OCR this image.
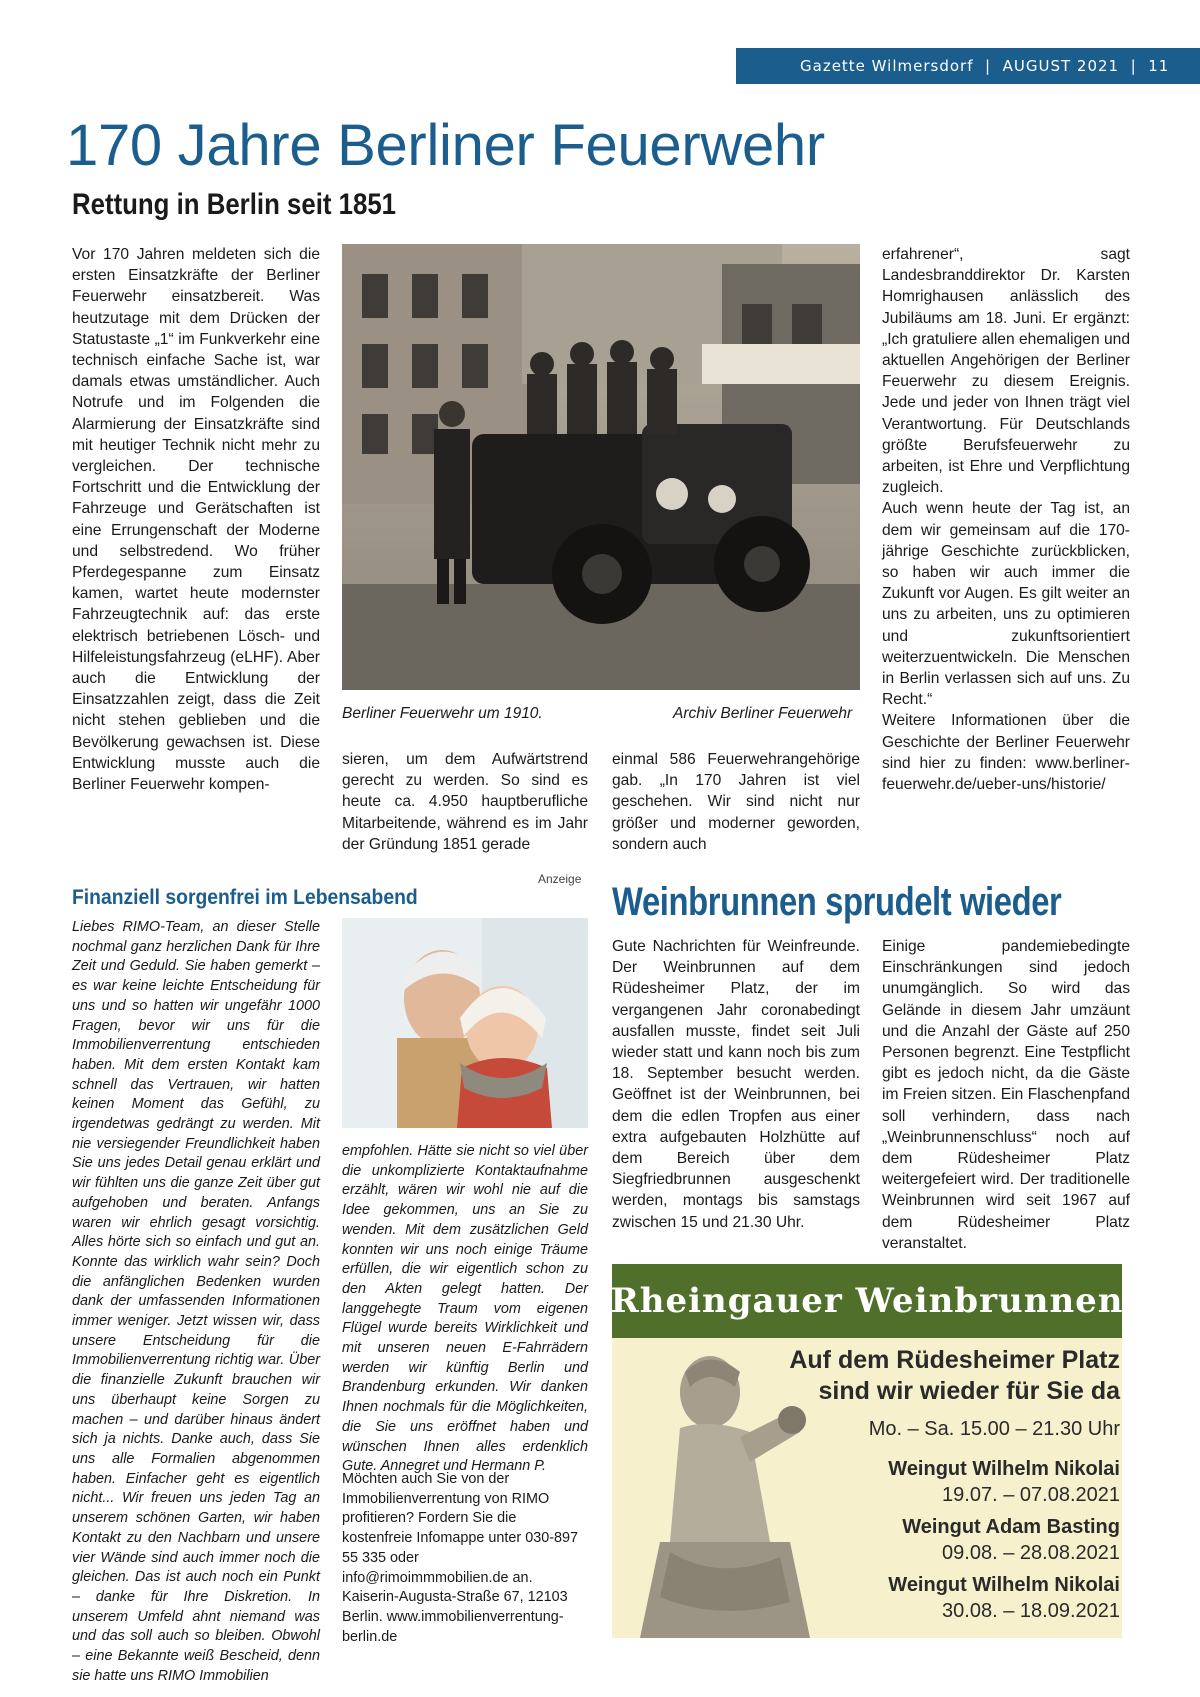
Gazette Wilmersdorf  |  AUGUST 2021  |  11
170 Jahre Berliner Feuerwehr
Rettung in Berlin seit 1851

Vor 170 Jahren meldeten sich die ersten Einsatzkräfte der Berliner Feuerwehr einsatzbereit. Was heutzutage mit dem Drücken der Statustaste „1“ im Funkverkehr eine technisch einfache Sache ist, war damals etwas umständlicher. Auch Notrufe und im Folgenden die Alarmierung der Einsatzkräfte sind mit heutiger Technik nicht mehr zu vergleichen. Der technische Fortschritt und die Entwicklung der Fahrzeuge und Gerätschaften ist eine Errungenschaft der Moderne und selbstredend. Wo früher Pferdegespanne zum Einsatz kamen, wartet heute modernster Fahrzeugtechnik auf: das erste elektrisch betriebenen Lösch- und Hilfeleistungsfahrzeug (eLHF). Aber auch die Entwicklung der Einsatzzahlen zeigt, dass die Zeit nicht stehen geblieben und die Bevölkerung gewachsen ist. Diese Entwicklung musste auch die Berliner Feuerwehr kompen-

Berliner Feuerwehr um 1910.	Archiv Berliner Feuerwehr

sieren, um dem Aufwärtstrend gerecht zu werden. So sind es heute ca. 4.950 hauptberufliche Mitarbeitende, während es im Jahr der Gründung 1851 gerade

einmal 586 Feuerwehrangehörige gab. „In 170 Jahren ist viel geschehen. Wir sind nicht nur größer und moderner geworden, sondern auch

erfahrener“, sagt Landesbranddirektor Dr. Karsten Homrighausen anlässlich des Jubiläums am 18. Juni. Er ergänzt: „Ich gratuliere allen ehemaligen und aktuellen Angehörigen der Berliner Feuerwehr zu diesem Ereignis. Jede und jeder von Ihnen trägt viel Verantwortung. Für Deutschlands größte Berufsfeuerwehr zu arbeiten, ist Ehre und Verpflichtung zugleich.

Auch wenn heute der Tag ist, an dem wir gemeinsam auf die 170-jährige Geschichte zurückblicken, so haben wir auch immer die Zukunft vor Augen. Es gilt weiter an uns zu arbeiten, uns zu optimieren und zukunftsorientiert weiterzuentwickeln. Die Menschen in Berlin verlassen sich auf uns. Zu Recht.“

Weitere Informationen über die Geschichte der Berliner Feuerwehr sind hier zu finden: www.berliner-feuerwehr.de/ueber-uns/historie/

Anzeige
Finanziell sorgenfrei im Lebensabend

Liebes RIMO-Team, an dieser Stelle nochmal ganz herzlichen Dank für Ihre Zeit und Geduld. Sie haben gemerkt – es war keine leichte Entscheidung für uns und so hatten wir ungefähr 1000 Fragen, bevor wir uns für die Immobilienverrentung entschieden haben. Mit dem ersten Kontakt kam schnell das Vertrauen, wir hatten keinen Moment das Gefühl, zu irgendetwas gedrängt zu werden. Mit nie versiegender Freundlichkeit haben Sie uns jedes Detail genau erklärt und wir fühlten uns die ganze Zeit über gut aufgehoben und beraten. Anfangs waren wir ehrlich gesagt vorsichtig. Alles hörte sich so einfach und gut an. Konnte das wirklich wahr sein? Doch die anfänglichen Bedenken wurden dank der umfassenden Informationen immer weniger. Jetzt wissen wir, dass unsere Entscheidung für die Immobilienverrentung richtig war. Über die finanzielle Zukunft brauchen wir uns überhaupt keine Sorgen zu machen – und darüber hinaus ändert sich ja nichts. Danke auch, dass Sie uns alle Formalien abgenommen haben. Einfacher geht es eigentlich nicht... Wir freuen uns jeden Tag an unserem schönen Garten, wir haben Kontakt zu den Nachbarn und unsere vier Wände sind auch immer noch die gleichen. Das ist auch noch ein Punkt – danke für Ihre Diskretion. In unserem Umfeld ahnt niemand was und das soll auch so bleiben. Obwohl – eine Bekannte weiß Bescheid, denn sie hatte uns RIMO Immobilien

empfohlen. Hätte sie nicht so viel über die unkomplizierte Kontaktaufnahme erzählt, wären wir wohl nie auf die Idee gekommen, uns an Sie zu wenden. Mit dem zusätzlichen Geld konnten wir uns noch einige Träume erfüllen, die wir eigentlich schon zu den Akten gelegt hatten. Der langgehegte Traum vom eigenen Flügel wurde bereits Wirklichkeit und mit unseren neuen E-Fahrrädern werden wir künftig Berlin und Brandenburg erkunden. Wir danken Ihnen nochmals für die Möglichkeiten, die Sie uns eröffnet haben und wünschen Ihnen alles erdenklich Gute. Annegret und Hermann P.

Möchten auch Sie von der Immobilienverrentung von RIMO profitieren? Fordern Sie die kostenfreie Infomappe unter 030-897 55 335 oder info@rimoimmmobilien.de an. Kaiserin-Augusta-Straße 67, 12103 Berlin. www.immobilienverrentung-berlin.de

Weinbrunnen sprudelt wieder

Gute Nachrichten für Weinfreunde. Der Weinbrunnen auf dem Rüdesheimer Platz, der im vergangenen Jahr coronabedingt ausfallen musste, findet seit Juli wieder statt und kann noch bis zum 18. September besucht werden. Geöffnet ist der Weinbrunnen, bei dem die edlen Tropfen aus einer extra aufgebauten Holzhütte auf dem Bereich über dem Siegfriedbrunnen ausgeschenkt werden, montags bis samstags zwischen 15 und 21.30 Uhr.

Einige pandemiebedingte Einschränkungen sind jedoch unumgänglich. So wird das Gelände in diesem Jahr umzäunt und die Anzahl der Gäste auf 250 Personen begrenzt. Eine Testpflicht gibt es jedoch nicht, da die Gäste im Freien sitzen. Ein Flaschenpfand soll verhindern, dass nach „Weinbrunnenschluss“ noch auf dem Rüdesheimer Platz weitergefeiert wird. Der traditionelle Weinbrunnen wird seit 1967 auf dem Rüdesheimer Platz veranstaltet.

Rheingauer Weinbrunnen
Auf dem Rüdesheimer Platz
sind wir wieder für Sie da
Mo. – Sa. 15.00 – 21.30 Uhr
Weingut Wilhelm Nikolai
19.07. – 07.08.2021
Weingut Adam Basting
09.08. – 28.08.2021
Weingut Wilhelm Nikolai
30.08. – 18.09.2021
